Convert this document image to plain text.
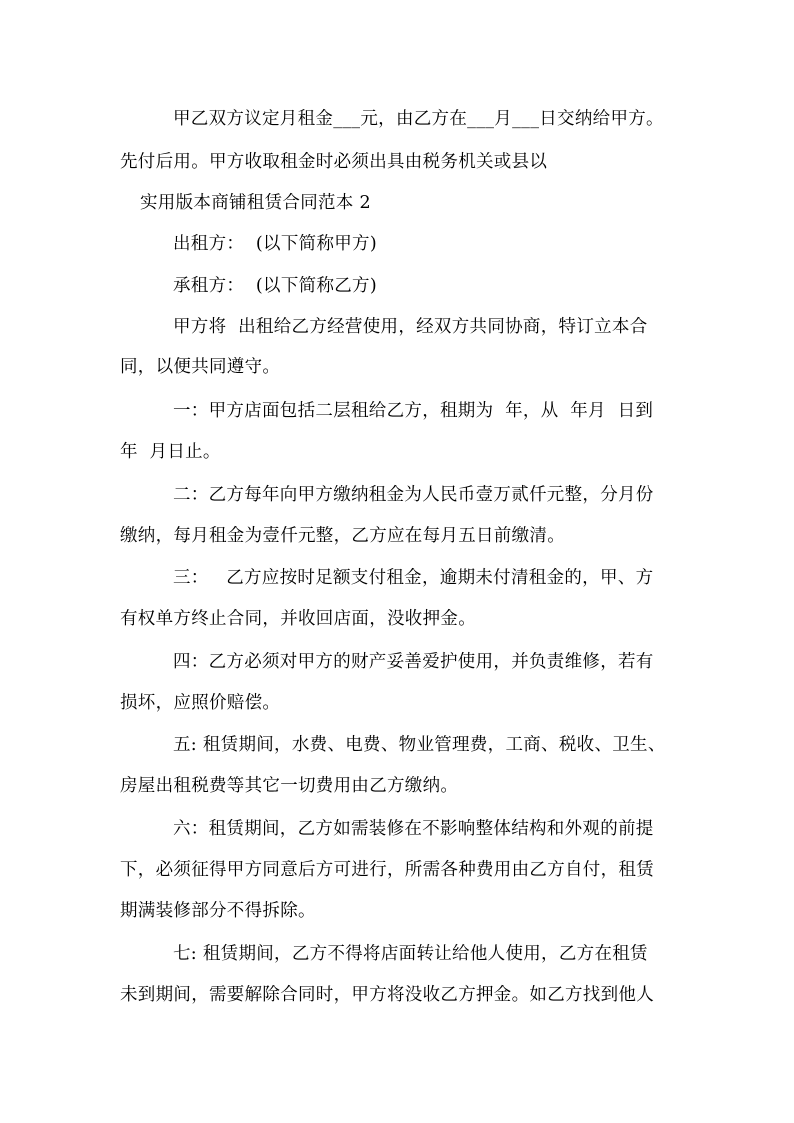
甲乙双方议定月租金___元，由乙方在___月___日交纳给甲方。
先付后用。甲方收取租金时必须出具由税务机关或县以
实用版本商铺租赁合同范本 2
出租方：  (以下简称甲方)
承租方：  (以下简称乙方)
甲方将  出租给乙方经营使用，经双方共同协商，特订立本合
同，以便共同遵守。
一：甲方店面包括二层租给乙方，租期为  年，从  年月  日到
年  月日止。
二：乙方每年向甲方缴纳租金为人民币壹万贰仟元整，分月份
缴纳，每月租金为壹仟元整，乙方应在每月五日前缴清。
三：   乙方应按时足额支付租金，逾期未付清租金的，甲、方
有权单方终止合同，并收回店面，没收押金。
四：乙方必须对甲方的财产妥善爱护使用，并负责维修，若有
损坏，应照价赔偿。
五: 租赁期间，水费、电费、物业管理费，工商、税收、卫生、
房屋出租税费等其它一切费用由乙方缴纳。
六：租赁期间，乙方如需装修在不影响整体结构和外观的前提
下，必须征得甲方同意后方可进行，所需各种费用由乙方自付，租赁
期满装修部分不得拆除。
七: 租赁期间，乙方不得将店面转让给他人使用，乙方在租赁
未到期间，需要解除合同时，甲方将没收乙方押金。如乙方找到他人
